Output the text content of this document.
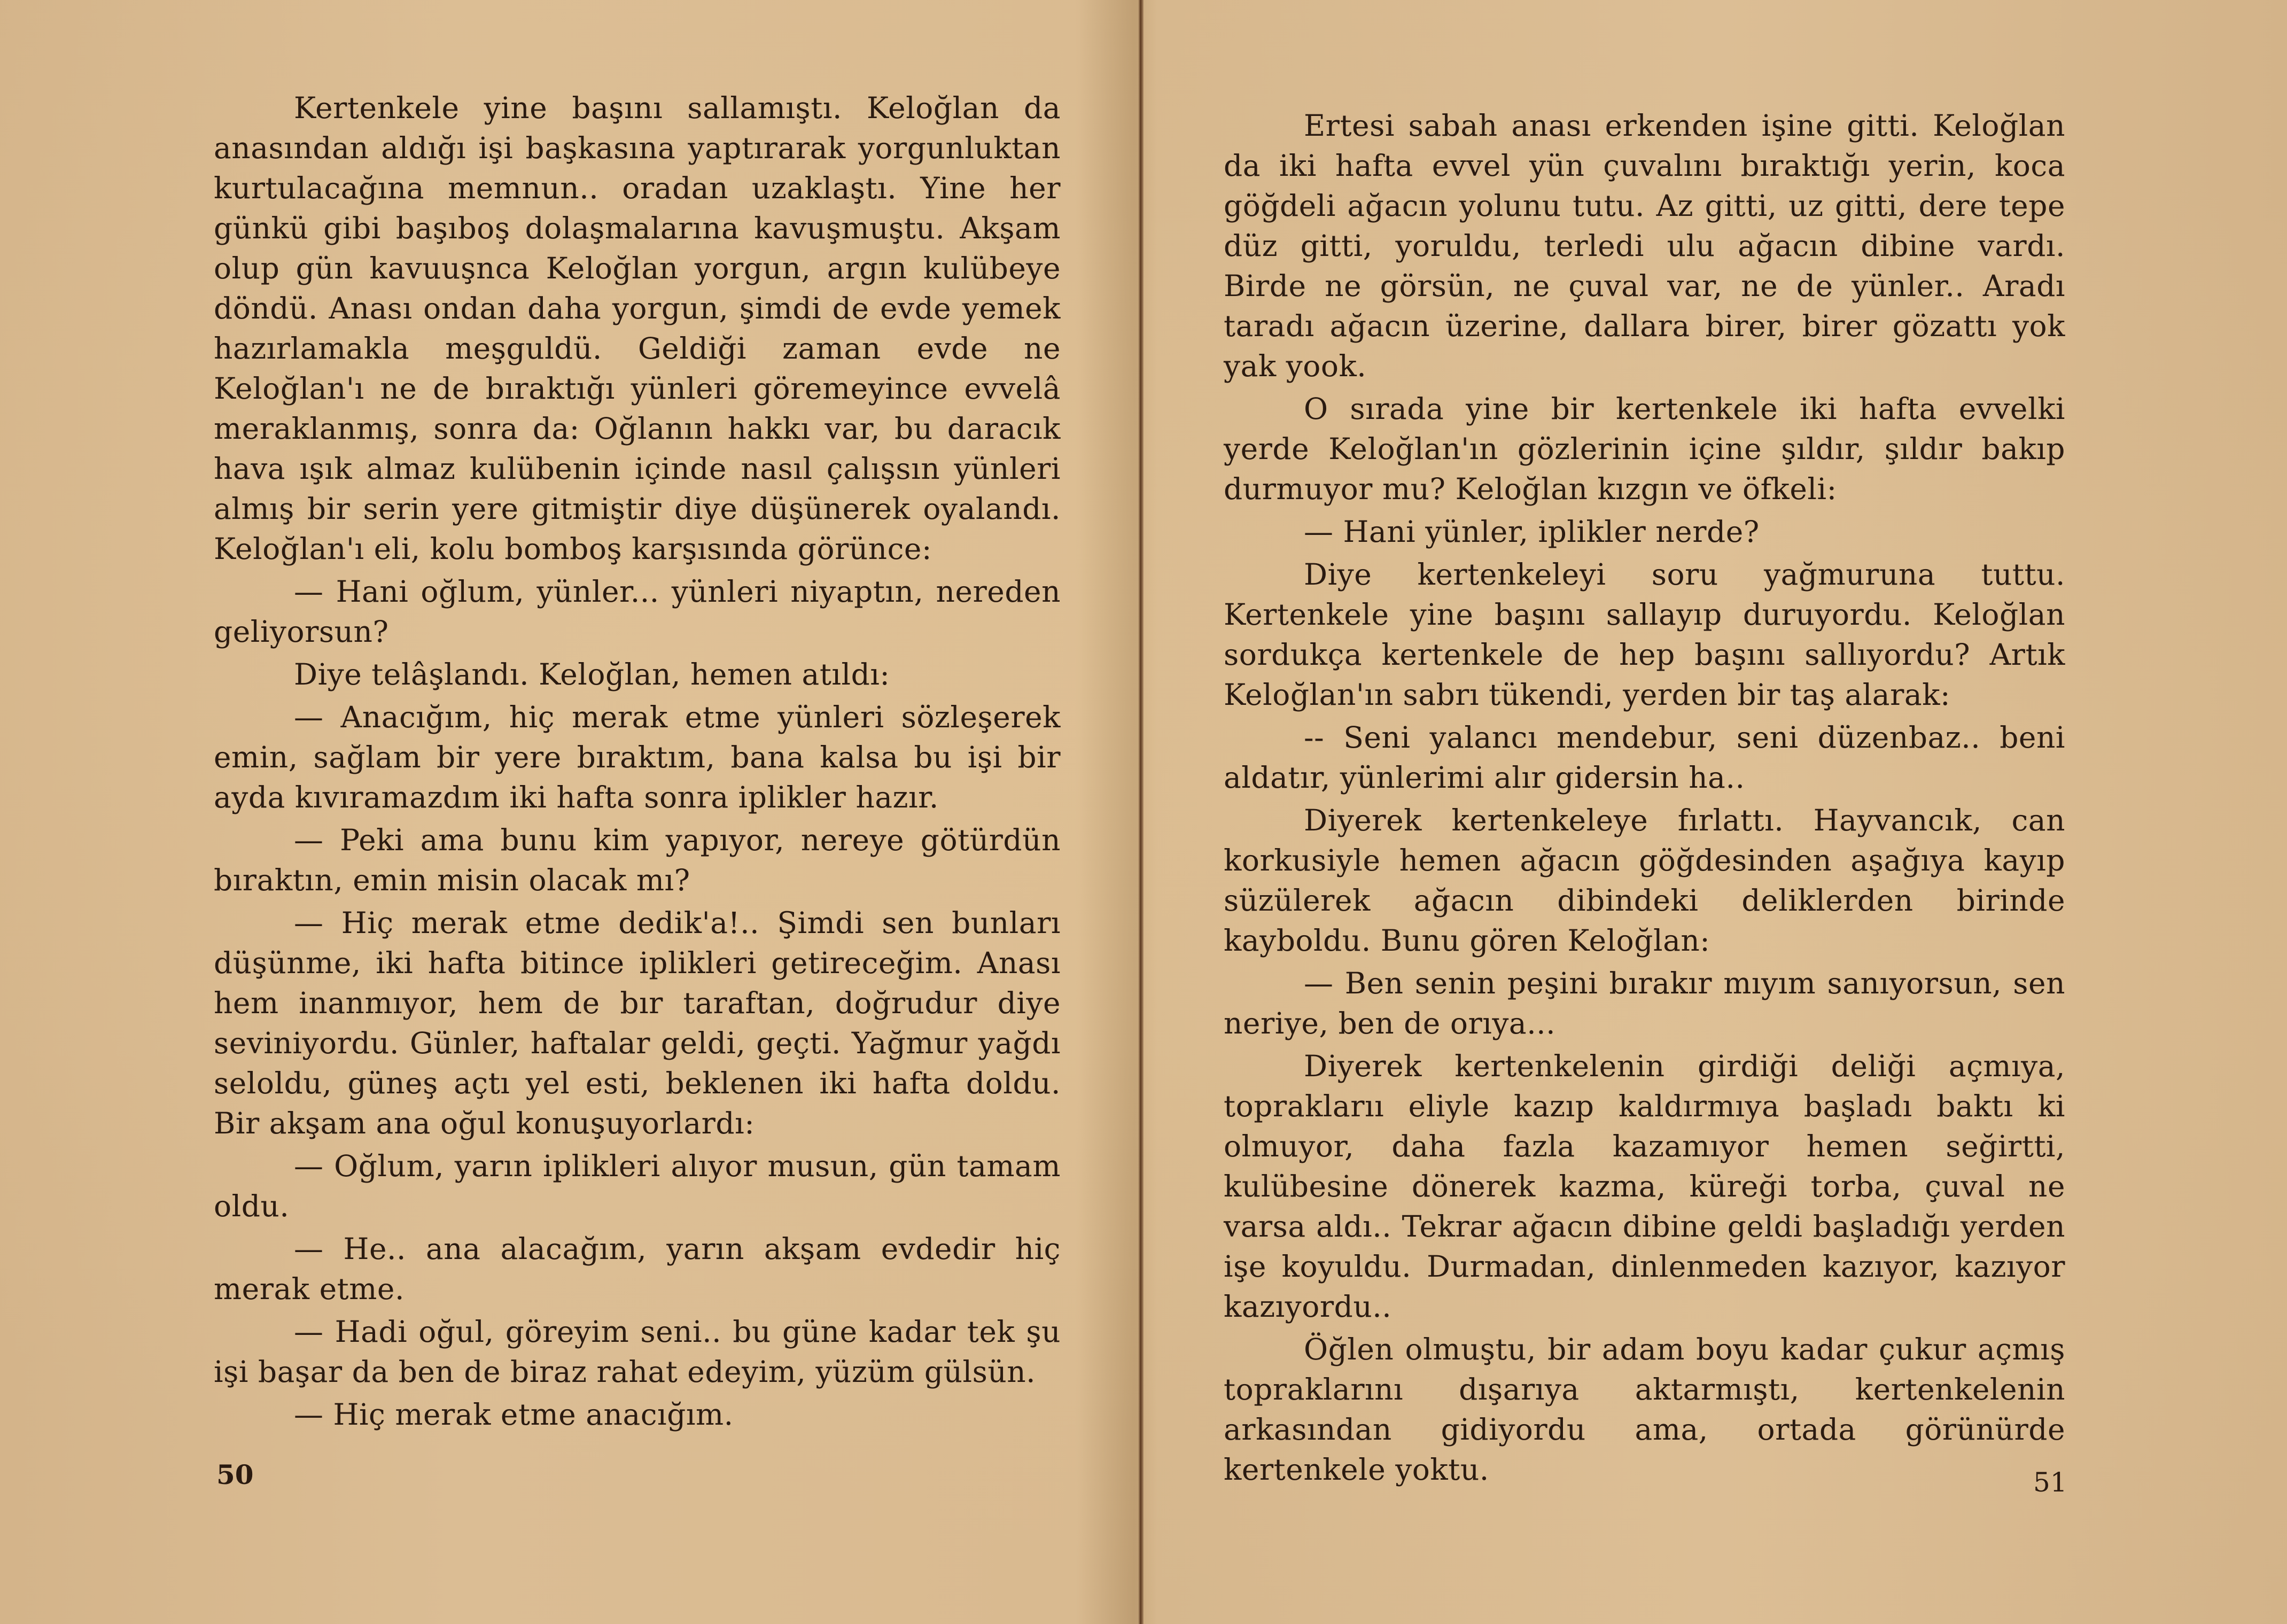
Kertenkele yine başını sallamıştı. Keloğlan da anasından aldığı işi başkasına yaptırarak yorgunluktan kurtulacağına memnun.. oradan uzaklaştı. Yine her günkü gibi başıboş dolaşmalarına kavuşmuştu. Akşam olup gün kavuuşnca Keloğlan yorgun, argın kulübeye döndü. Anası ondan daha yorgun, şimdi de evde yemek hazırlamakla meşguldü. Geldiği zaman evde ne Keloğlan'ı ne de bıraktığı yünleri göremeyince evvelâ meraklanmış, sonra da: Oğlanın hakkı var, bu daracık hava ışık almaz kulübenin içinde nasıl çalışsın yünleri almış bir serin yere gitmiştir diye düşünerek oyalandı. Keloğlan'ı eli, kolu bomboş karşısında görünce:

— Hani oğlum, yünler... yünleri niyaptın, nereden geliyorsun?

Diye telâşlandı. Keloğlan, hemen atıldı:

— Anacığım, hiç merak etme yünleri sözleşerek emin, sağlam bir yere bıraktım, bana kalsa bu işi bir ayda kıvıramazdım iki hafta sonra iplikler hazır.

— Peki ama bunu kim yapıyor, nereye götürdün bıraktın, emin misin olacak mı?

— Hiç merak etme dedik'a!.. Şimdi sen bunları düşünme, iki hafta bitince iplikleri getireceğim. Anası hem inanmıyor, hem de bır taraftan, doğrudur diye seviniyordu. Günler, haftalar geldi, geçti. Yağmur yağdı seloldu, güneş açtı yel esti, beklenen iki hafta doldu. Bir akşam ana oğul konuşuyorlardı:

— Oğlum, yarın iplikleri alıyor musun, gün tamam oldu.

— He.. ana alacağım, yarın akşam evdedir hiç merak etme.

— Hadi oğul, göreyim seni.. bu güne kadar tek şu işi başar da ben de biraz rahat edeyim, yüzüm gülsün.

— Hiç merak etme anacığım.

50

Ertesi sabah anası erkenden işine gitti. Keloğlan da iki hafta evvel yün çuvalını bıraktığı yerin, koca göğdeli ağacın yolunu tutu. Az gitti, uz gitti, dere tepe düz gitti, yoruldu, terledi ulu ağacın dibine vardı. Birde ne görsün, ne çuval var, ne de yünler.. Aradı taradı ağacın üzerine, dallara birer, birer gözattı yok yak yook.

O sırada yine bir kertenkele iki hafta evvelki yerde Keloğlan'ın gözlerinin içine şıldır, şıldır bakıp durmuyor mu? Keloğlan kızgın ve öfkeli:

— Hani yünler, iplikler nerde?

Diye kertenkeleyi soru yağmuruna tuttu. Kertenkele yine başını sallayıp duruyordu. Keloğlan sordukça kertenkele de hep başını sallıyordu? Artık Keloğlan'ın sabrı tükendi, yerden bir taş alarak:

-- Seni yalancı mendebur, seni düzenbaz.. beni aldatır, yünlerimi alır gidersin ha..

Diyerek kertenkeleye fırlattı. Hayvancık, can korkusiyle hemen ağacın göğdesinden aşağıya kayıp süzülerek ağacın dibindeki deliklerden birinde kayboldu. Bunu gören Keloğlan:

— Ben senin peşini bırakır mıyım sanıyorsun, sen neriye, ben de orıya...

Diyerek kertenkelenin girdiği deliği açmıya, topraklarıı eliyle kazıp kaldırmıya başladı baktı ki olmuyor, daha fazla kazamıyor hemen seğirtti, kulübesine dönerek kazma, küreği torba, çuval ne varsa aldı.. Tekrar ağacın dibine geldi başladığı yerden işe koyuldu. Durmadan, dinlenmeden kazıyor, kazıyor kazıyordu..

Öğlen olmuştu, bir adam boyu kadar çukur açmış topraklarını dışarıya aktarmıştı, kertenkelenin arkasından gidiyordu ama, ortada görünürde kertenkele yoktu.	51
